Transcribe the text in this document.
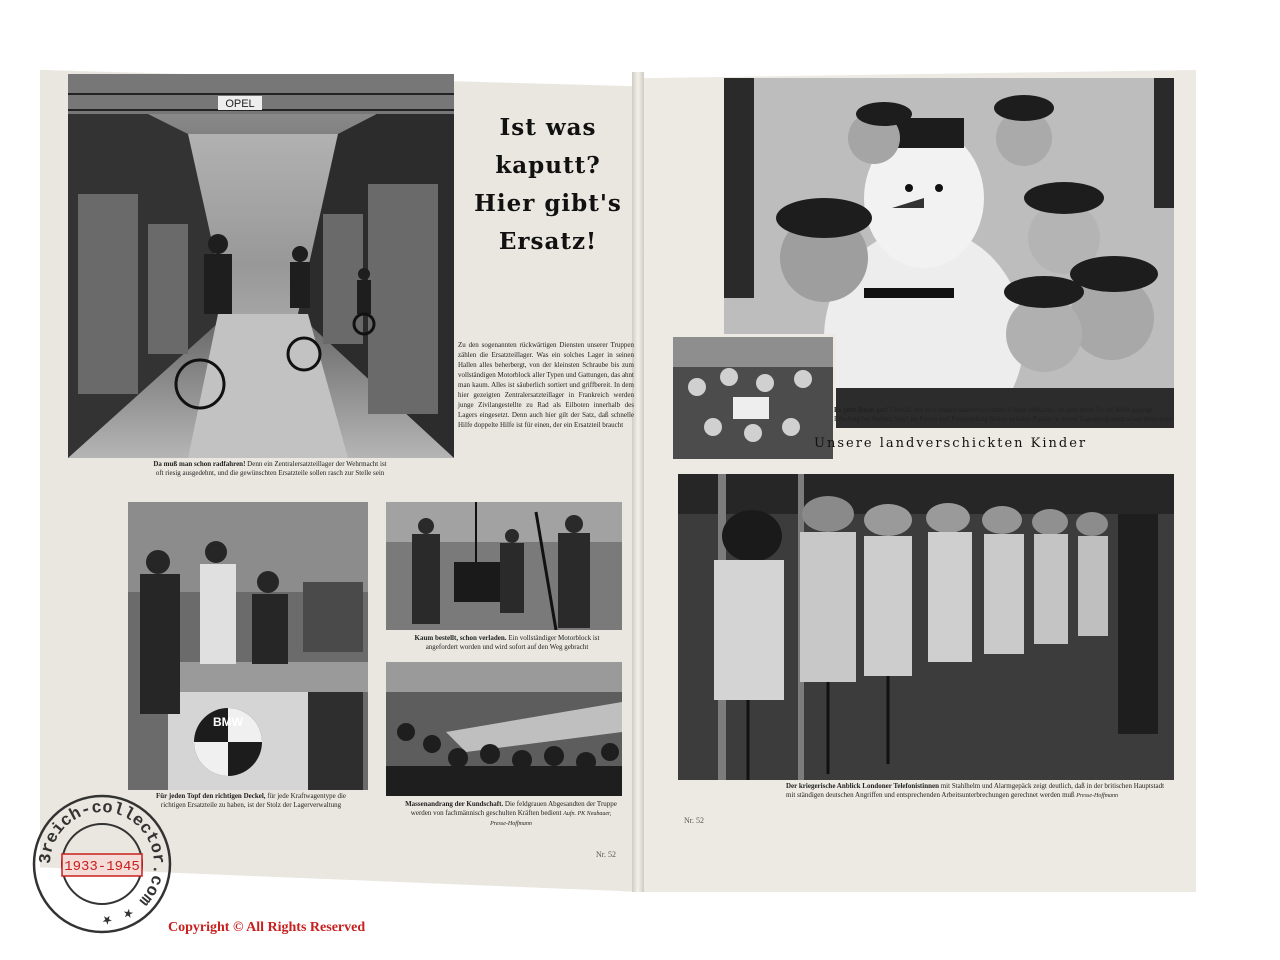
OPEL
Da muß man schon radfahren! Denn ein Zentralersatzteillager der Wehrmacht ist oft riesig ausgedehnt, und die gewünschten Ersatzteile sollen rasch zur Stelle sein
Ist was
kaputt?
Hier gibt's
Ersatz!
Zu den sogenannten rückwärtigen Diensten unserer Truppen zählen die Ersatzteillager. Was ein solches Lager in seinen Hallen alles beherbergt, von der kleinsten Schraube bis zum vollständigen Motorblock aller Typen und Gattungen, das ahnt man kaum. Alles ist säuberlich sortiert und griffbereit. In dem hier gezeigten Zentralersatzteillager in Frankreich werden junge Zivilangestellte zu Rad als Eilboten innerhalb des Lagers eingesetzt. Denn auch hier gilt der Satz, daß schnelle Hilfe doppelte Hilfe ist für einen, der ein Ersatzteil braucht
BMW
Für jeden Topf den richtigen Deckel, für jede Kraftwagentype die richtigen Ersatzteile zu haben, ist der Stolz der Lagerverwaltung
Kaum bestellt, schon verladen. Ein vollständiger Motorblock ist angefordert worden und wird sofort auf den Weg gebracht
Massenandrang der Kundschaft. Die feldgrauen Abgesandten der Truppe werden von fachmännisch geschulten Kräften bedient Aufn. PK Neubauer, Presse-Hoffmann
Nr. 52
Es geht ihnen gut! Überall, wo sich unsere landverschickten Kinder aufhalten, ist aufs beste für ihr Wohl gesorgt. Erholung bei frohem Spiel im Freien und Postempfang bilden beliebte Punkte in ihrem Tagesprogramm Scherl-Bilderdienst
Unsere landverschickten Kinder
Der kriegerische Anblick Londoner Telefonistinnen mit Stahlhelm und Alarmgepäck zeigt deutlich, daß in der britischen Hauptstadt mit ständigen deutschen Angriffen und entsprechenden Arbeitsunterbrechungen gerechnet werden muß Presse-Hoffmann
Nr. 52
3reich-collector.com ★ ★
1933-1945
Copyright © All Rights Reserved
